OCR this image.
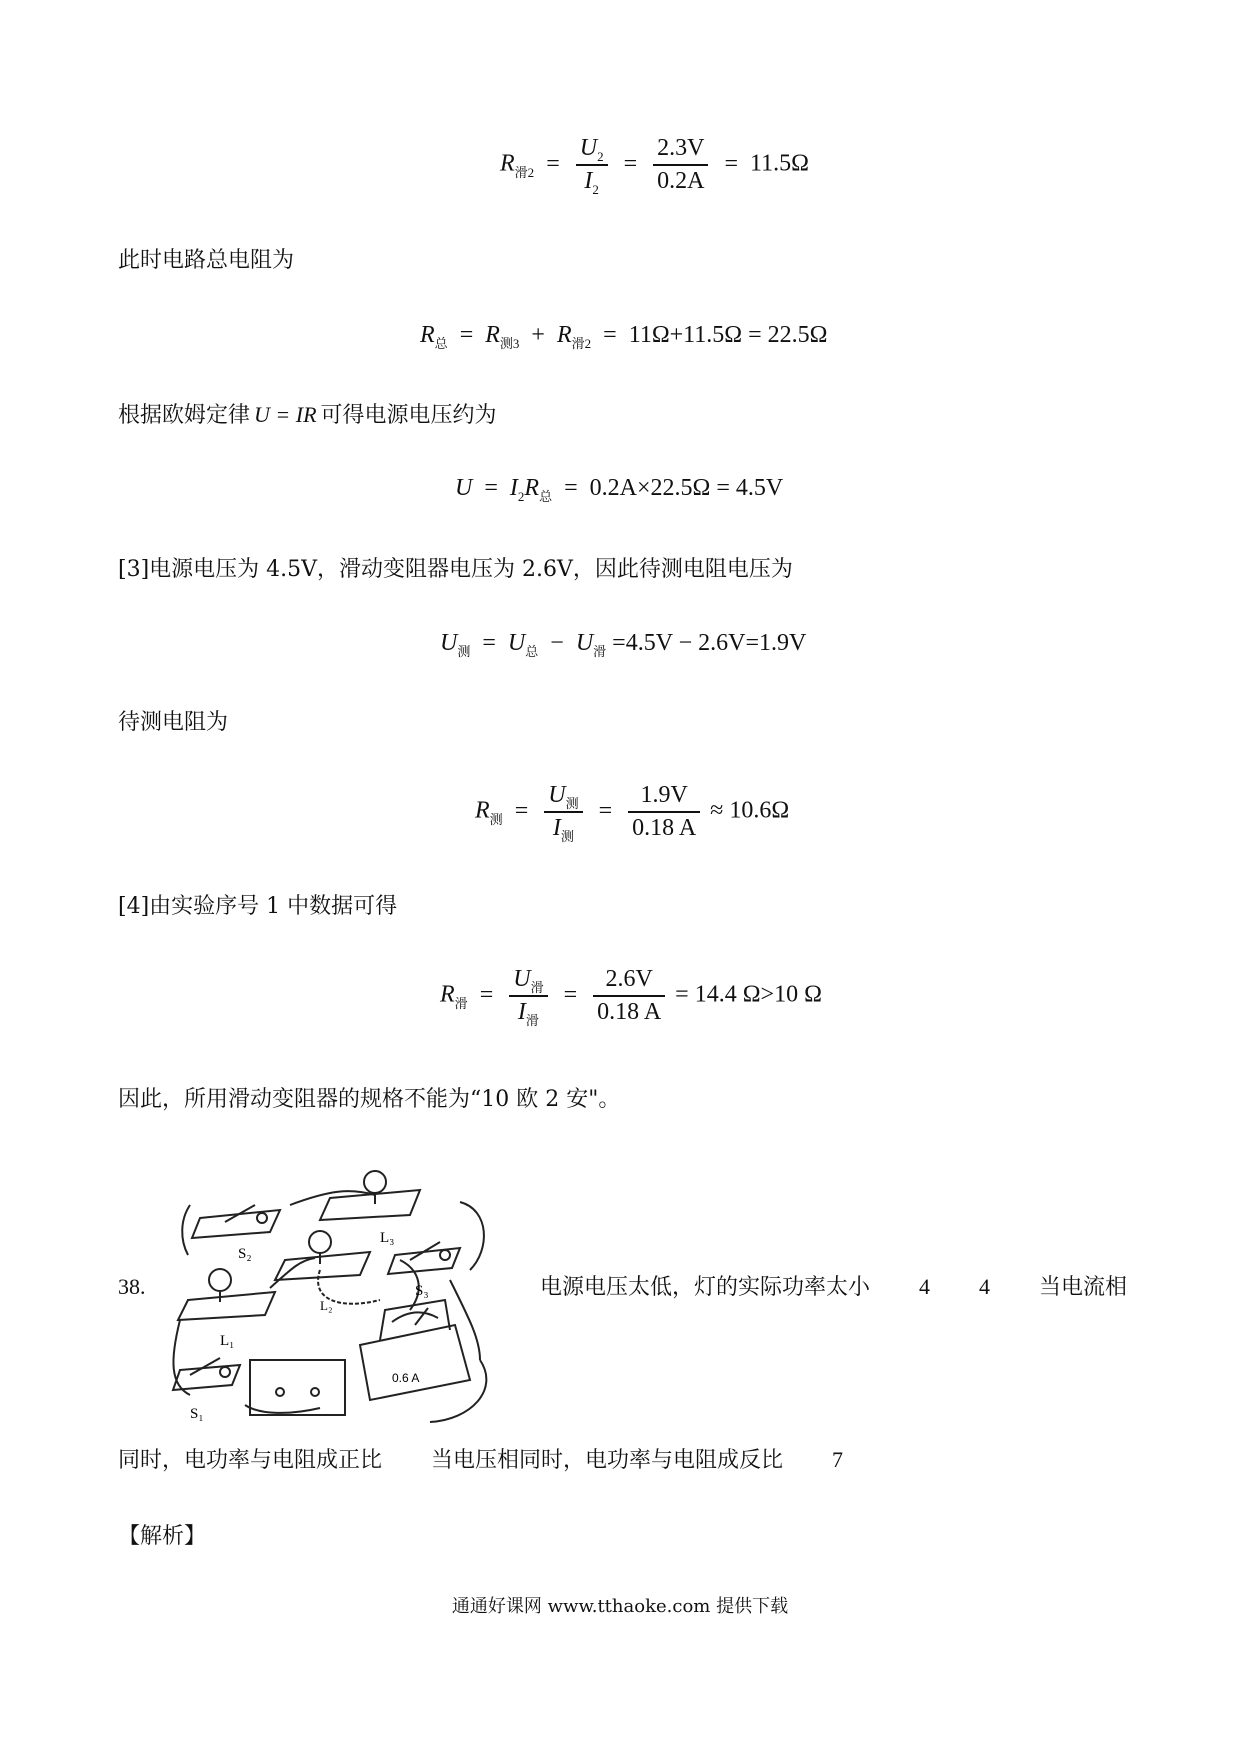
$R_{滑2} = \frac{U_2}{I_2} = \frac{2.3V}{0.2A} = 11.5\Omega$
此时电路总电阻为
$R_总 = R_{测3} + R_{滑2} = 11\Omega+11.5\Omega = 22.5\Omega$
根据欧姆定律 U = IR 可得电源电压约为
$U = I_2R_总 = 0.2A\times 22.5\Omega = 4.5V$
[3]电源电压为 4.5V，滑动变阻器电压为 2.6V，因此待测电阻电压为
$U_测 = U_总 - U_滑 =4.5V - 2.6V=1.9V$
待测电阻为
$R_测 = \frac{U_测}{I_测} = \frac{1.9V}{0.18 A} \approx 10.6\Omega$
[4]由实验序号 1 中数据可得
$R_滑 = \frac{U_滑}{I_滑} = \frac{2.6V}{0.18 A} = 14.4$ Ω>10 Ω
因此，所用滑动变阻器的规格不能为“10 欧 2 安"。
38.
S₂
L₃
S₃
L₂
L₁
S₁
0.6 A
电源电压太低，灯的实际功率太小 4 4 当电流相
同时，电功率与电阻成正比 当电压相同时，电功率与电阻成反比 7
【解析】
通通好课网 www.tthaoke.com 提供下载
